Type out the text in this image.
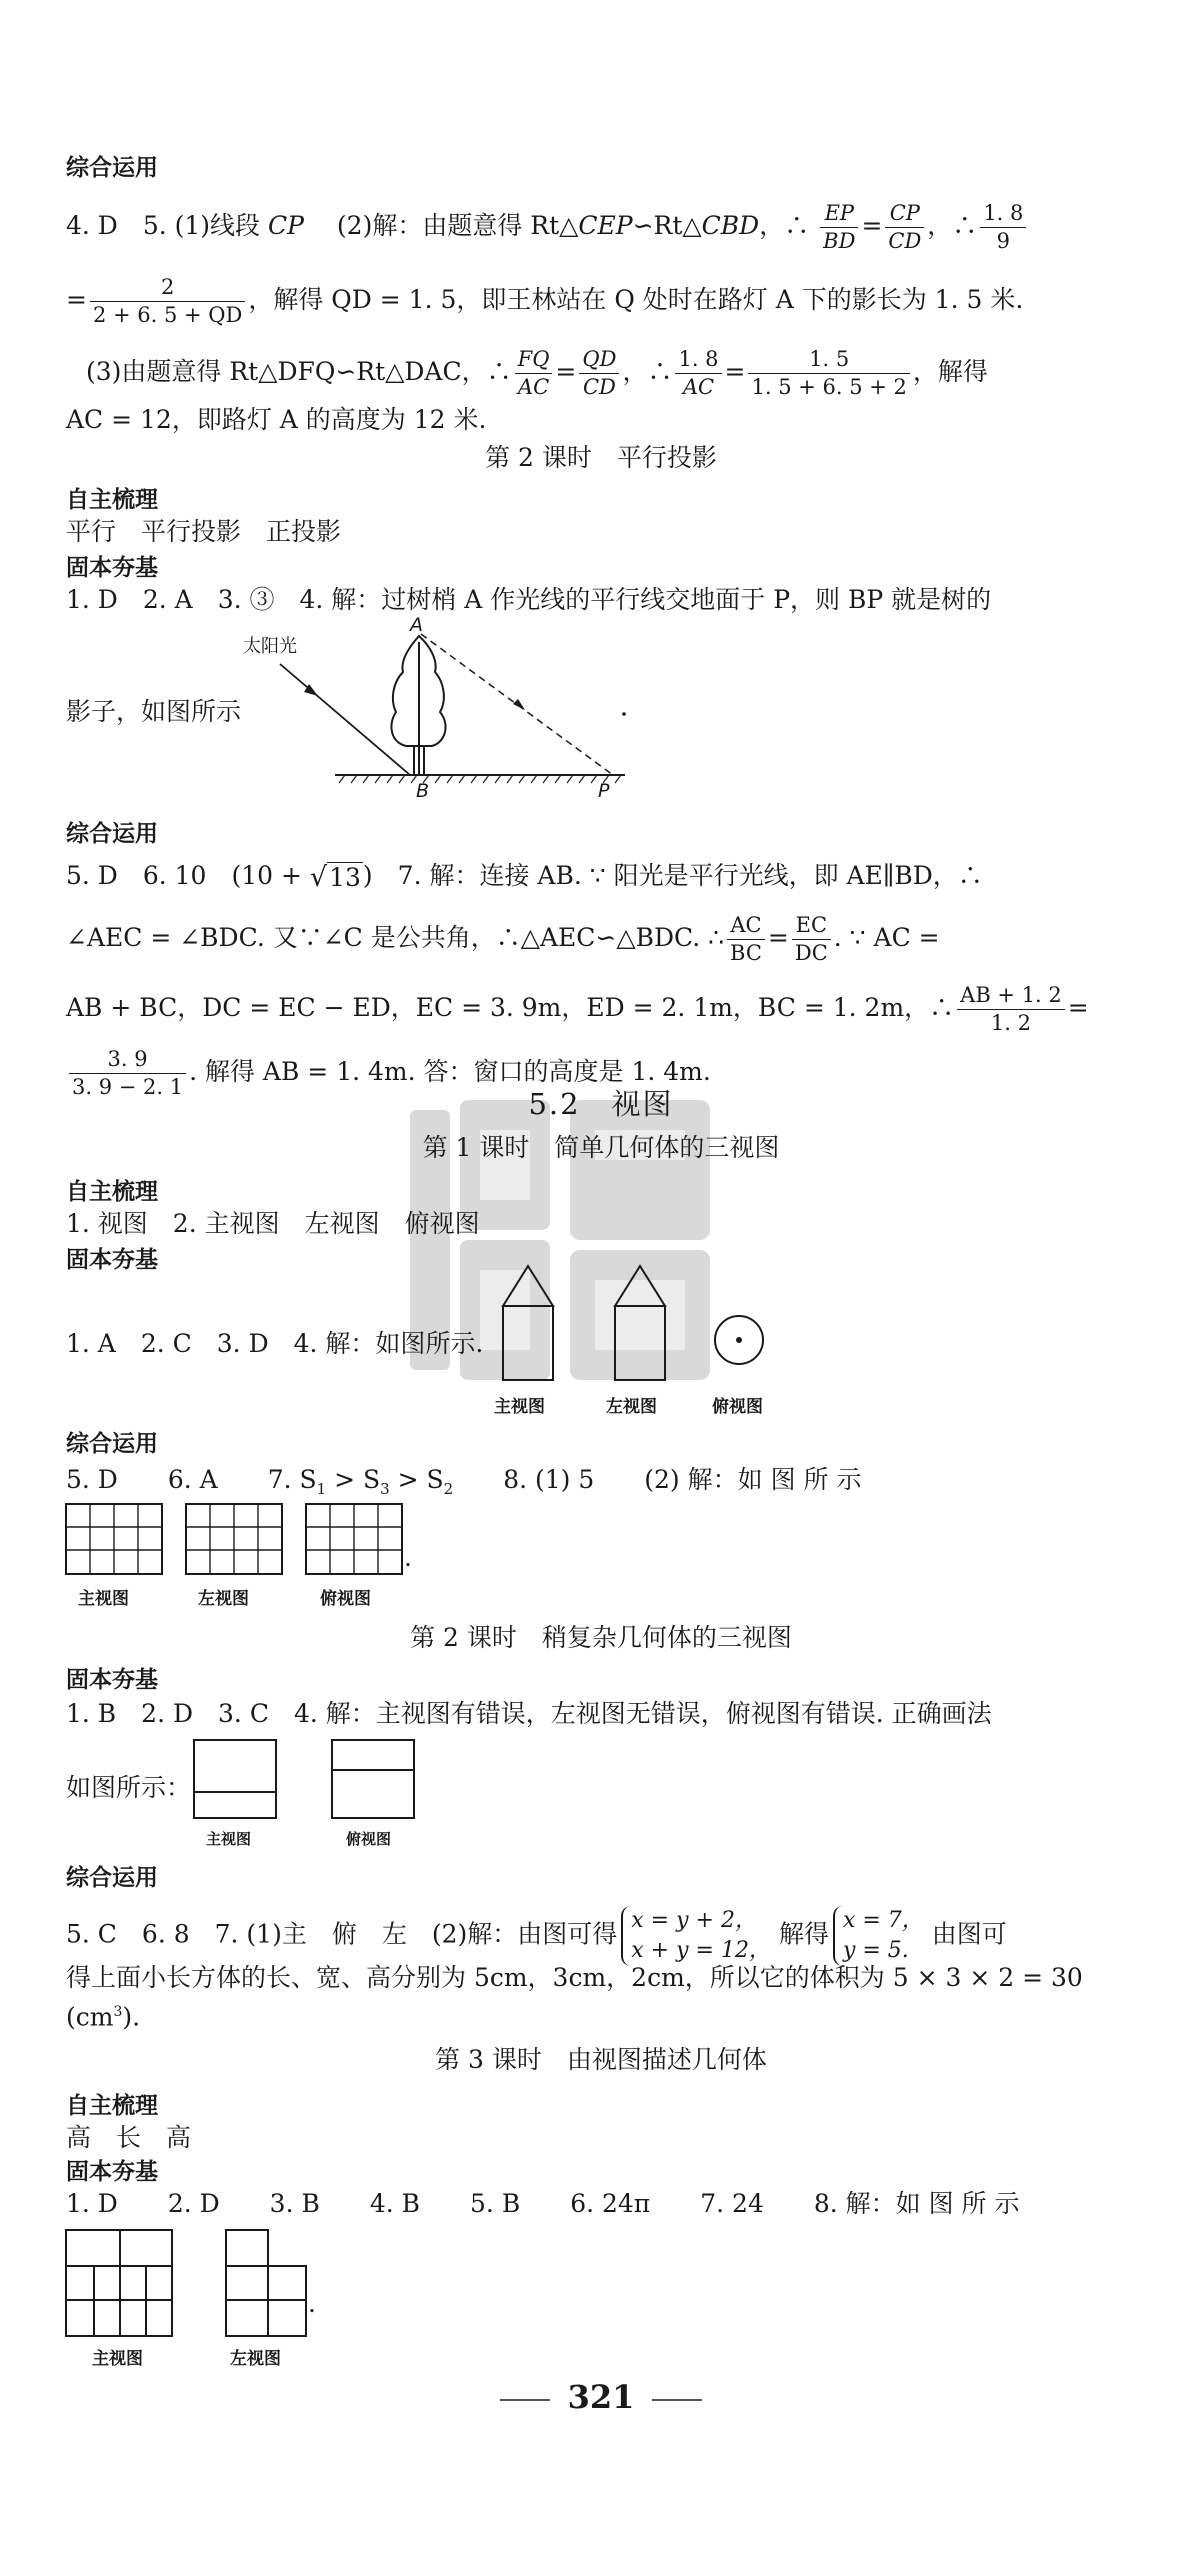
综合运用
4. D　5. (1)线段 CP 　(2)解：由题意得 Rt△CEP∽Rt△CBD，∴ $\frac{EP}{BD} = \frac{CP}{CD}$ ，∴ $\frac{1. 8}{9}$
= $\frac{2}{2 + 6. 5 + QD}$ ，解得 QD = 1. 5，即王林站在 Q 处时在路灯 A 下的影长为 1. 5 米.
(3)由题意得 Rt△DFQ∽Rt△DAC，∴ $\frac{FQ}{AC} = \frac{QD}{CD}$ ，∴ $\frac{1. 8}{AC} = \frac{1. 5}{1. 5 + 6. 5 + 2}$ ，解得
AC = 12，即路灯 A 的高度为 12 米.
第 2 课时　平行投影
自主梳理
平行　平行投影　正投影
固本夯基
1. D　2. A　3. ③　4. 解：过树梢 A 作光线的平行线交地面于 P，则 BP 就是树的
太阳光
A
B	P
影子，如图所示
综合运用
5. D　6. 10　(10 + √13)　7. 解：连接 AB. ∵ 阳光是平行光线，即 AE∥BD，∴
∠AEC = ∠BDC. 又∵∠C 是公共角，∴△AEC∽△BDC. ∴ $\frac{AC}{BC} = \frac{EC}{DC}$ . ∵ AC =
AB + BC，DC = EC − ED，EC = 3. 9m，ED = 2. 1m，BC = 1. 2m，∴ $\frac{AB + 1. 2}{1. 2}$ =
$\frac{3. 9}{3. 9 - 2. 1}$ . 解得 AB = 1. 4m. 答：窗口的高度是 1. 4m.
5.2　视图
第 1 课时　简单几何体的三视图
自主梳理
1. 视图　2. 主视图　左视图　俯视图
固本夯基
1. A　2. C　3. D　4. 解：如图所示.
主视图	左视图	俯视图
综合运用
5. D　　6. A　　7. $S_1 > S_3 > S_2$　　8. (1) 5　　(2) 解：如 图 所 示
.
主视图	左视图	俯视图
第 2 课时　稍复杂几何体的三视图
固本夯基
1. B　2. D　3. C　4. 解：主视图有错误，左视图无错误，俯视图有错误. 正确画法
如图所示：
主视图	俯视图
综合运用
5. C　6. 8　7. (1)主　俯　左　(2)解：由图可得 x = y + 2，
x + y = 12，
解得 x = 7，
y = 5.
由图可
得上面小长方体的长、宽、高分别为 5cm，3cm，2cm，所以它的体积为 5 × 3 × 2 = 30
$(cm^3)$.
第 3 课时　由视图描述几何体
自主梳理
高　长　高
固本夯基
1. D　　2. D　　3. B　　4. B　　5. B　　6. 24π　　7. 24　　8. 解：如 图 所 示
.
主视图	左视图
321
